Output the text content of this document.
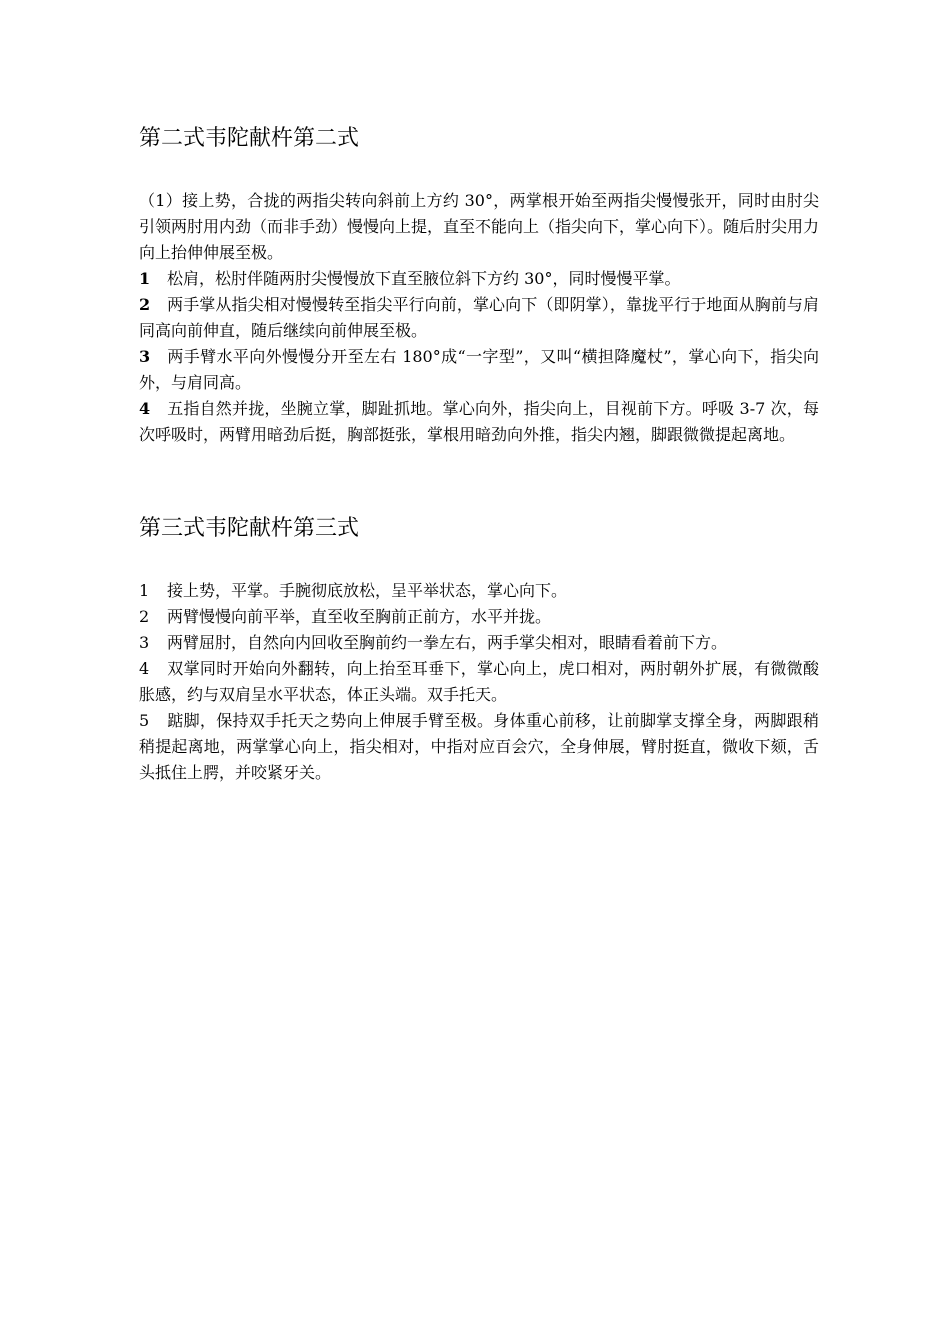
第二式韦陀献杵第二式

（1）接上势，合拢的两指尖转向斜前上方约 30°，两掌根开始至两指尖慢慢张开，同时由肘尖引领两肘用内劲（而非手劲）慢慢向上提，直至不能向上（指尖向下，掌心向下）。随后肘尖用力向上抬伸伸展至极。

1 松肩，松肘伴随两肘尖慢慢放下直至腋位斜下方约 30°，同时慢慢平掌。

2 两手掌从指尖相对慢慢转至指尖平行向前，掌心向下（即阴掌），靠拢平行于地面从胸前与肩同高向前伸直，随后继续向前伸展至极。

3 两手臂水平向外慢慢分开至左右 180°成“一字型”，又叫“横担降魔杖”，掌心向下，指尖向外，与肩同高。

4 五指自然并拢，坐腕立掌，脚趾抓地。掌心向外，指尖向上，目视前下方。呼吸 3-7 次，每次呼吸时，两臂用暗劲后挺，胸部挺张，掌根用暗劲向外推，指尖内翘，脚跟微微提起离地。

第三式韦陀献杵第三式

1 接上势，平掌。手腕彻底放松，呈平举状态，掌心向下。

2 两臂慢慢向前平举，直至收至胸前正前方，水平并拢。

3 两臂屈肘，自然向内回收至胸前约一拳左右，两手掌尖相对，眼睛看着前下方。

4 双掌同时开始向外翻转，向上抬至耳垂下，掌心向上，虎口相对，两肘朝外扩展，有微微酸胀感，约与双肩呈水平状态，体正头端。双手托天。

5 踮脚，保持双手托天之势向上伸展手臂至极。身体重心前移，让前脚掌支撑全身，两脚跟稍稍提起离地，两掌掌心向上，指尖相对，中指对应百会穴，全身伸展，臂肘挺直，微收下颏，舌头抵住上腭，并咬紧牙关。
